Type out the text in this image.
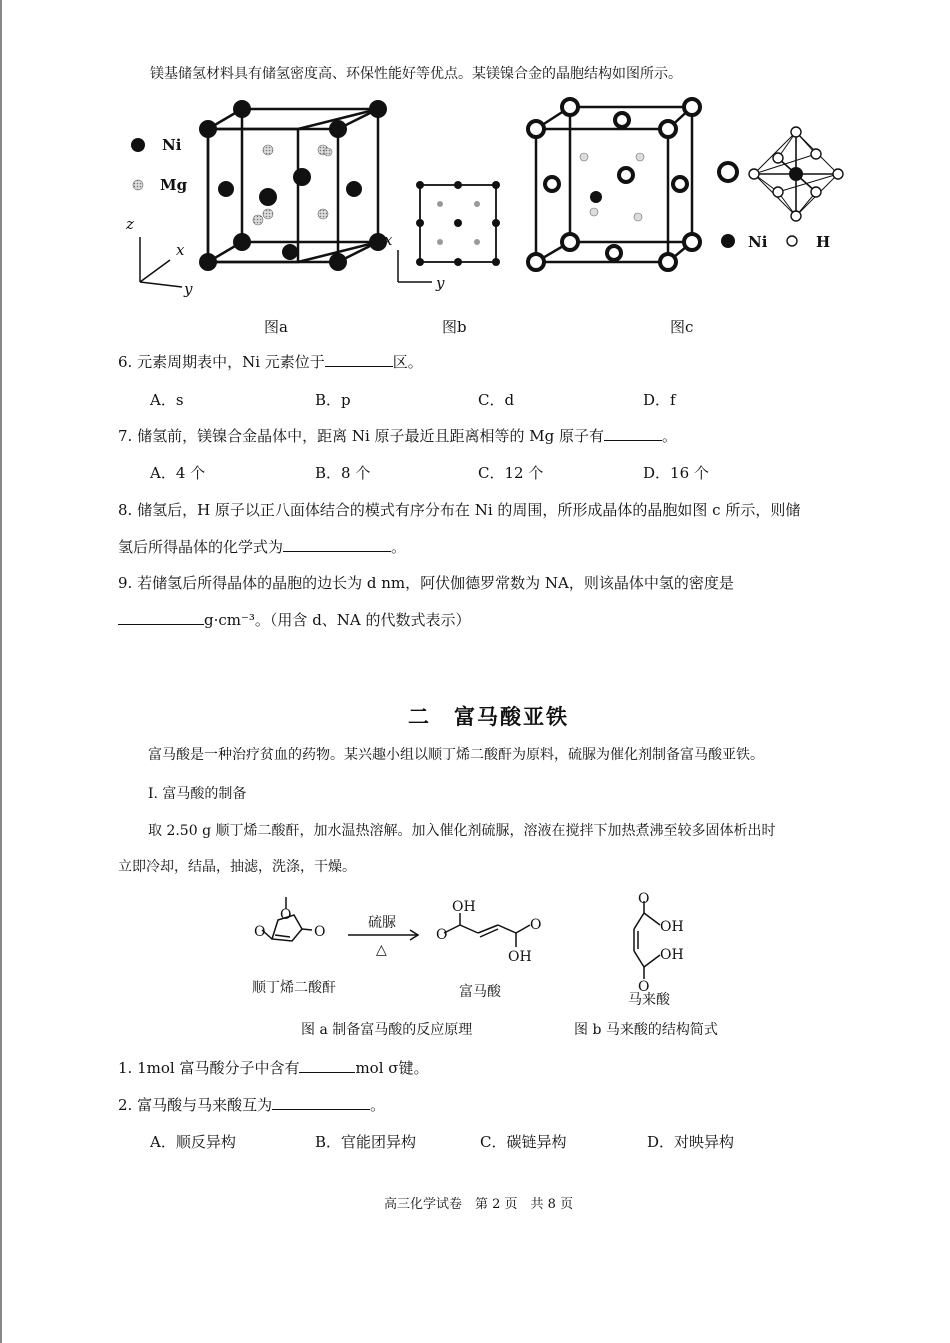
镁基储氢材料具有储氢密度高、环保性能好等优点。某镁镍合金的晶胞结构如图所示。
Ni
Mg
z
x
y
图a
x
y
图b
Ni	H
图c
6. 元素周期表中，Ni 元素位于	区。
A．s	B．p	C．d	D．f
7. 储氢前，镁镍合金晶体中，距离 Ni 原子最近且距离相等的 Mg 原子有	。
A．4 个	B．8 个	C．12 个	D．16 个
8. 储氢后，H 原子以正八面体结合的模式有序分布在 Ni 的周围，所形成晶体的晶胞如图 c 所示，则储
氢后所得晶体的化学式为	。
9. 若储氢后所得晶体的晶胞的边长为 d nm，阿伏伽德罗常数为 NA，则该晶体中氢的密度是
g·cm⁻³。（用含 d、NA 的代数式表示）
二　富马酸亚铁
富马酸是一种治疗贫血的药物。某兴趣小组以顺丁烯二酸酐为原料，硫脲为催化剂制备富马酸亚铁。
I. 富马酸的制备
取 2.50 g 顺丁烯二酸酐，加水温热溶解。加入催化剂硫脲，溶液在搅拌下加热煮沸至较多固体析出时
立即冷却，结晶，抽滤，洗涤，干燥。
O
O
O
硫脲
△
OH
O
O
OH
O
OH
OH
O
顺丁烯二酸酐	富马酸	马来酸
图 a 制备富马酸的反应原理	图 b 马来酸的结构简式
1. 1mol 富马酸分子中含有	mol σ键。
2. 富马酸与马来酸互为	。
A．顺反异构	B．官能团异构	C．碳链异构	D．对映异构
高三化学试卷　第 2 页　共 8 页
